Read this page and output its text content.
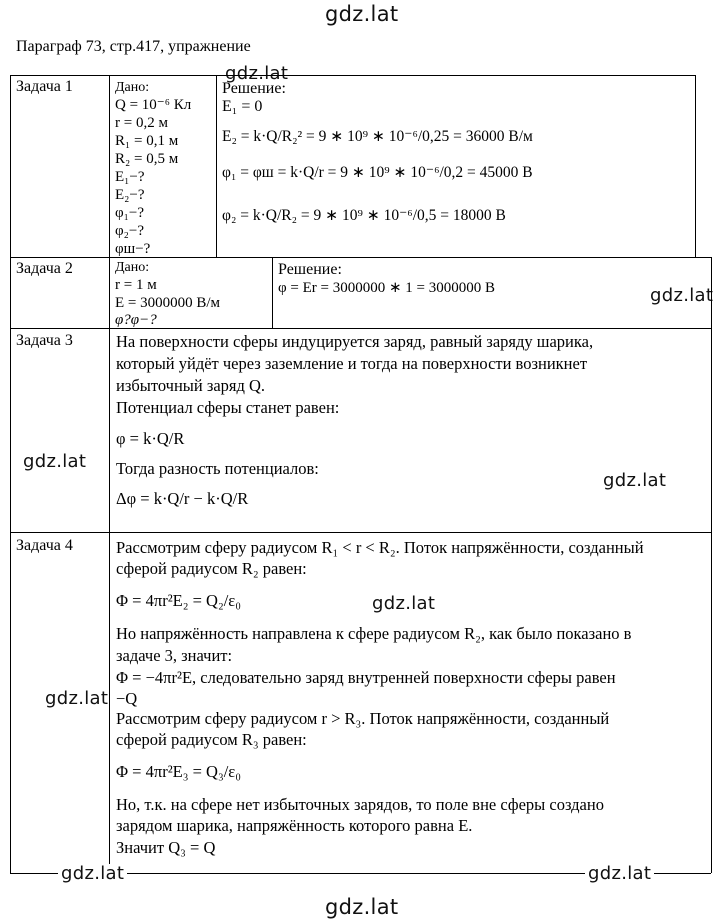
gdz.lat
gdz.lat
gdz.lat
gdz.lat
gdz.lat
gdz.lat
gdz.lat
Параграф 73, стр.417, упражнение
Задача 1	Дано:
Q = 10⁻⁶ Кл
r = 0,2 м
R₁ = 0,1 м
R₂ = 0,5 м
E₁−?
E₂−?
φ₁−?
φ₂−?
φш−?
Решение:
E₁ = 0
E₂ = k·Q/R₂² = 9 ∗ 10⁹ ∗ 10⁻⁶/0,25 = 36000 В/м
φ₁ = φш = k·Q/r = 9 ∗ 10⁹ ∗ 10⁻⁶/0,2 = 45000 В
φ₂ = k·Q/R₂ = 9 ∗ 10⁹ ∗ 10⁻⁶/0,5 = 18000 В
Задача 2	Дано:
r = 1 м
E = 3000000 В/м
φ?φ−?
Решение:
φ = Er = 3000000 ∗ 1 = 3000000 В
Задача 3	На поверхности сферы индуцируется заряд, равный заряду шарика,
который уйдёт через заземление и тогда на поверхности возникнет
избыточный заряд Q.
Потенциал сферы станет равен:
φ = k·Q/R
Тогда разность потенциалов:
Δφ = k·Q/r − k·Q/R
Задача 4	Рассмотрим сферу радиусом R₁ < r < R₂. Поток напряжённости, созданный
сферой радиусом R₂ равен:
Φ = 4πr²E₂ = Q₂/ε₀
Но напряжённость направлена к сфере радиусом R₂, как было показано в
задаче 3, значит:
Φ = −4πr²E, следовательно заряд внутренней поверхности сферы равен
−Q
Рассмотрим сферу радиусом r > R₃. Поток напряжённости, созданный
сферой радиусом R₃ равен:
Φ = 4πr²E₃ = Q₃/ε₀
Но, т.к. на сфере нет избыточных зарядов, то поле вне сферы создано
зарядом шарика, напряжённость которого равна E.
Значит Q₃ = Q
gdz.lat	gdz.lat
gdz.lat
